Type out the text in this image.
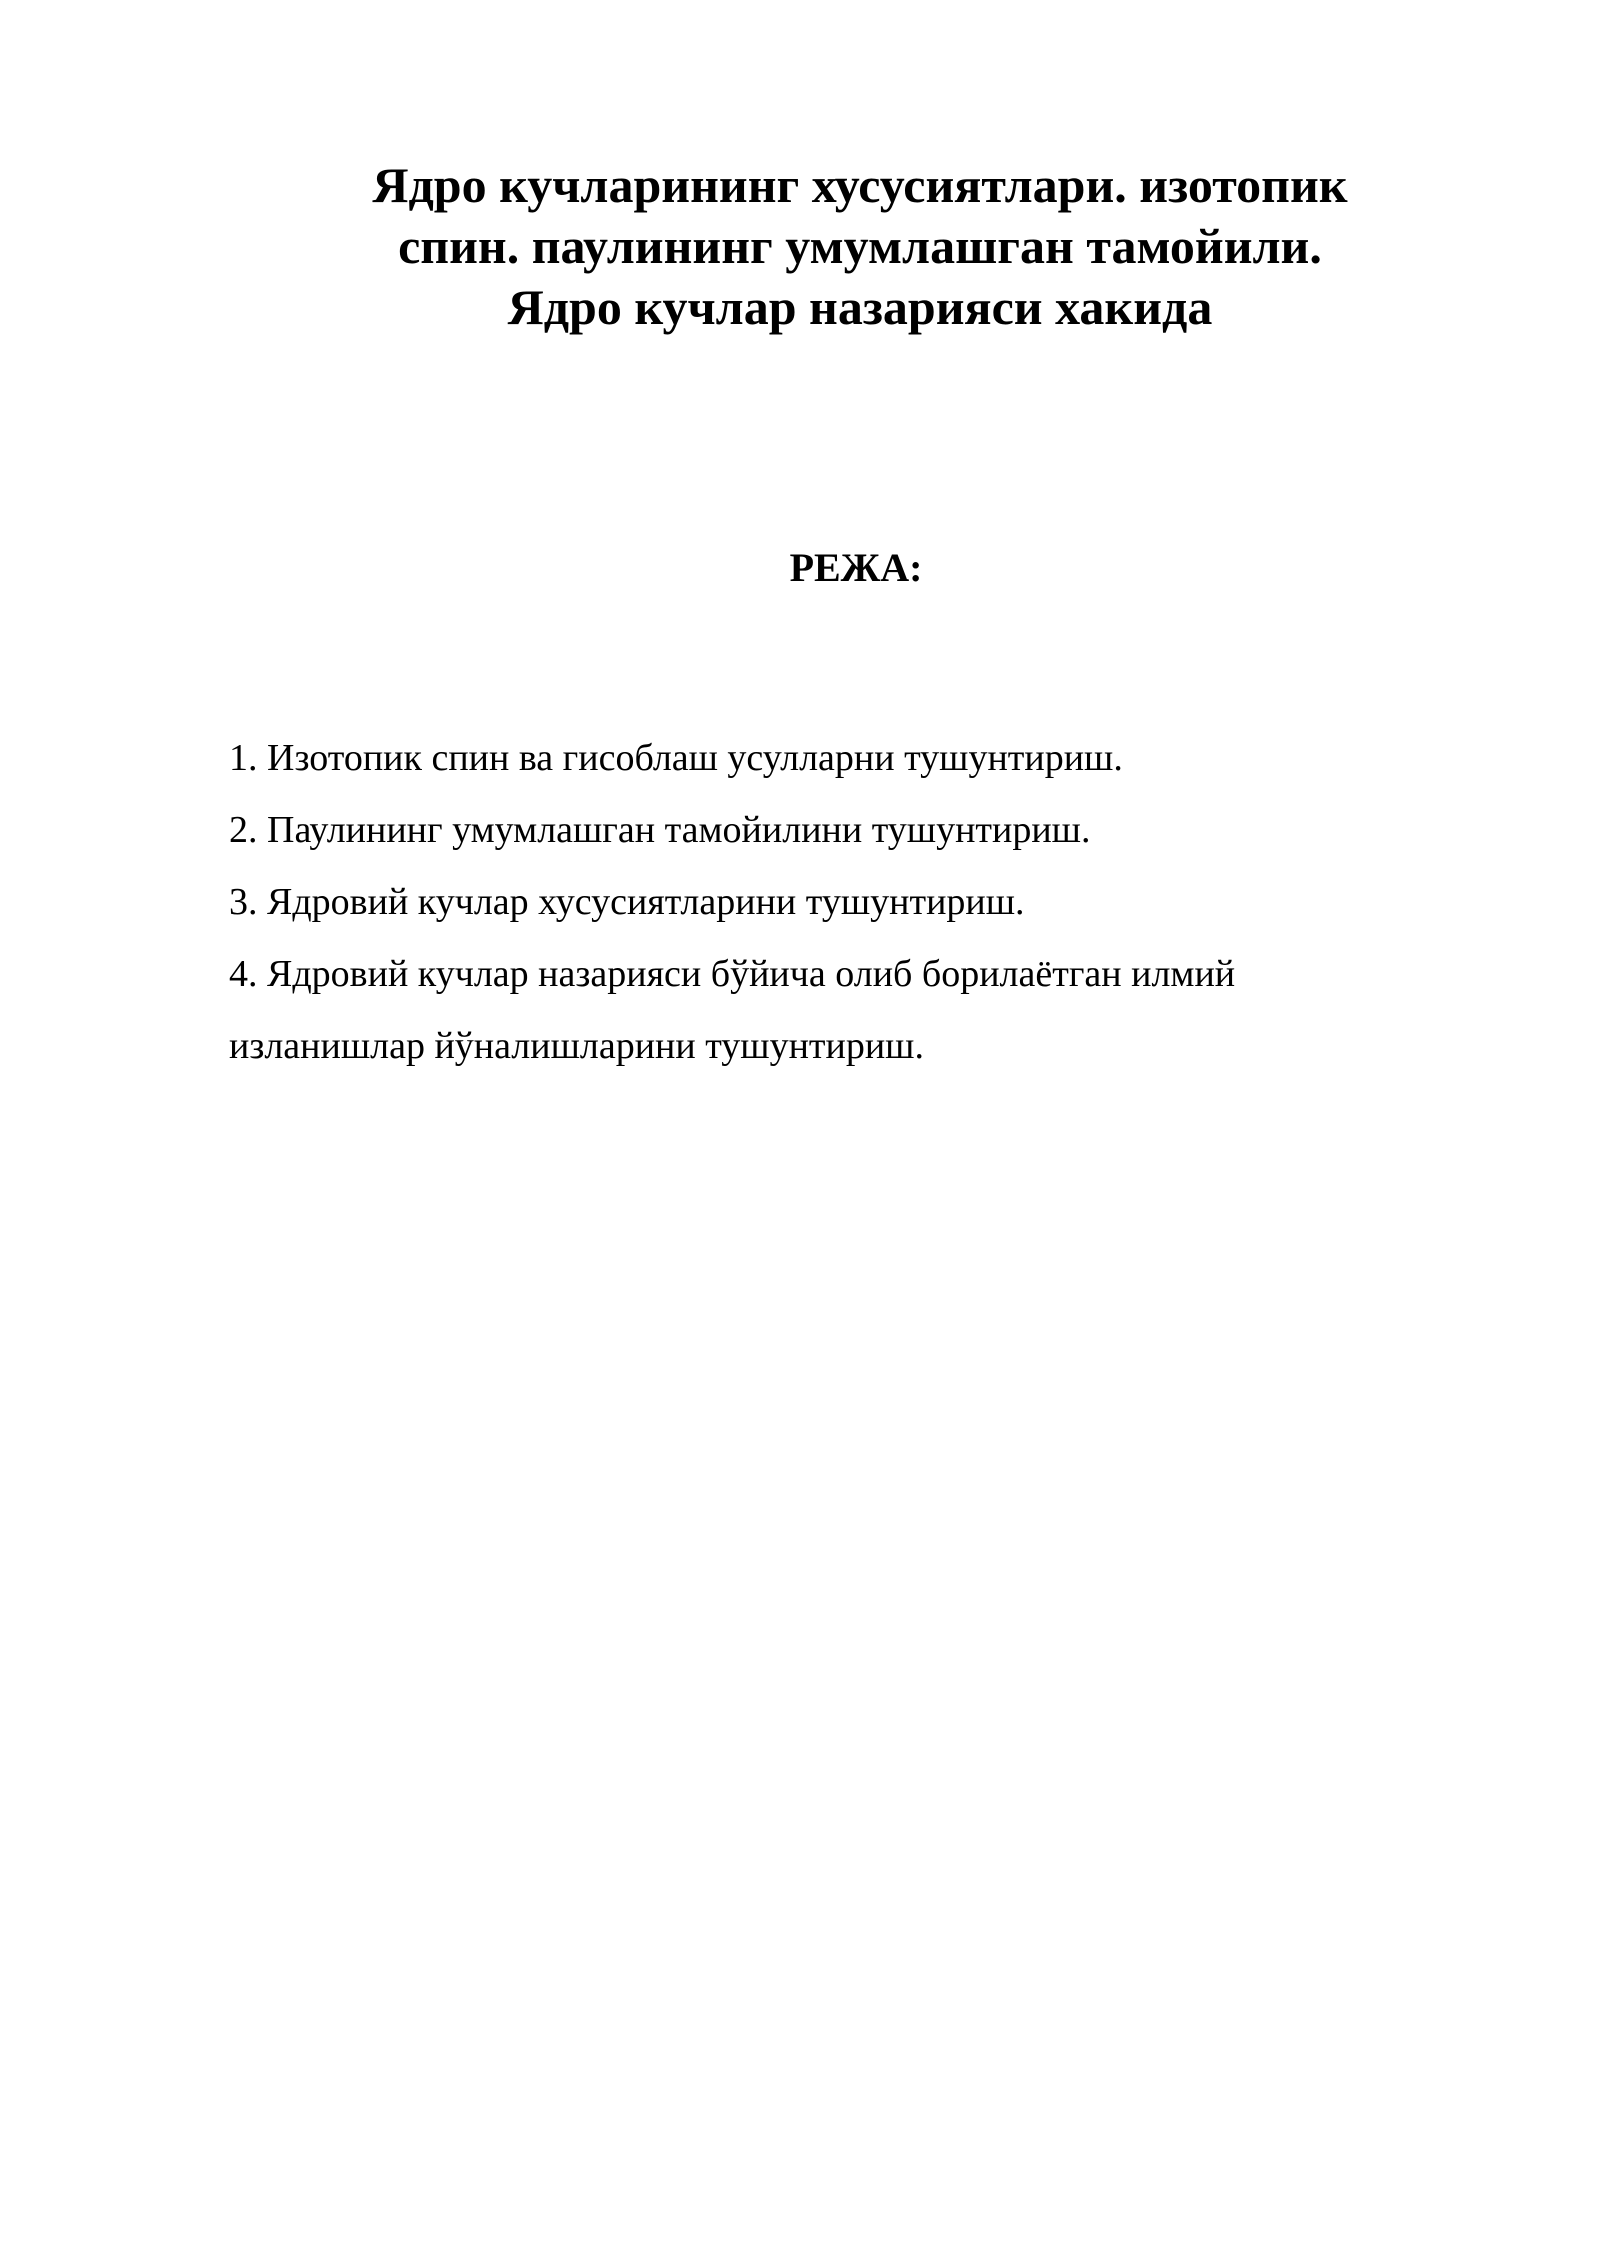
Ядро кучларининг хусусиятлари. изотопик
спин. паулининг умумлашган тамойили.
Ядро кучлар назарияси хакида
РЕЖА:
1. Изотопик спин ва гисоблаш усулларни тушунтириш.
2. Паулининг умумлашган тамойилини тушунтириш.
3. Ядровий кучлар хусусиятларини тушунтириш.
4. Ядровий кучлар назарияси бўйича олиб борилаётган илмий
изланишлар йўналишларини тушунтириш.
